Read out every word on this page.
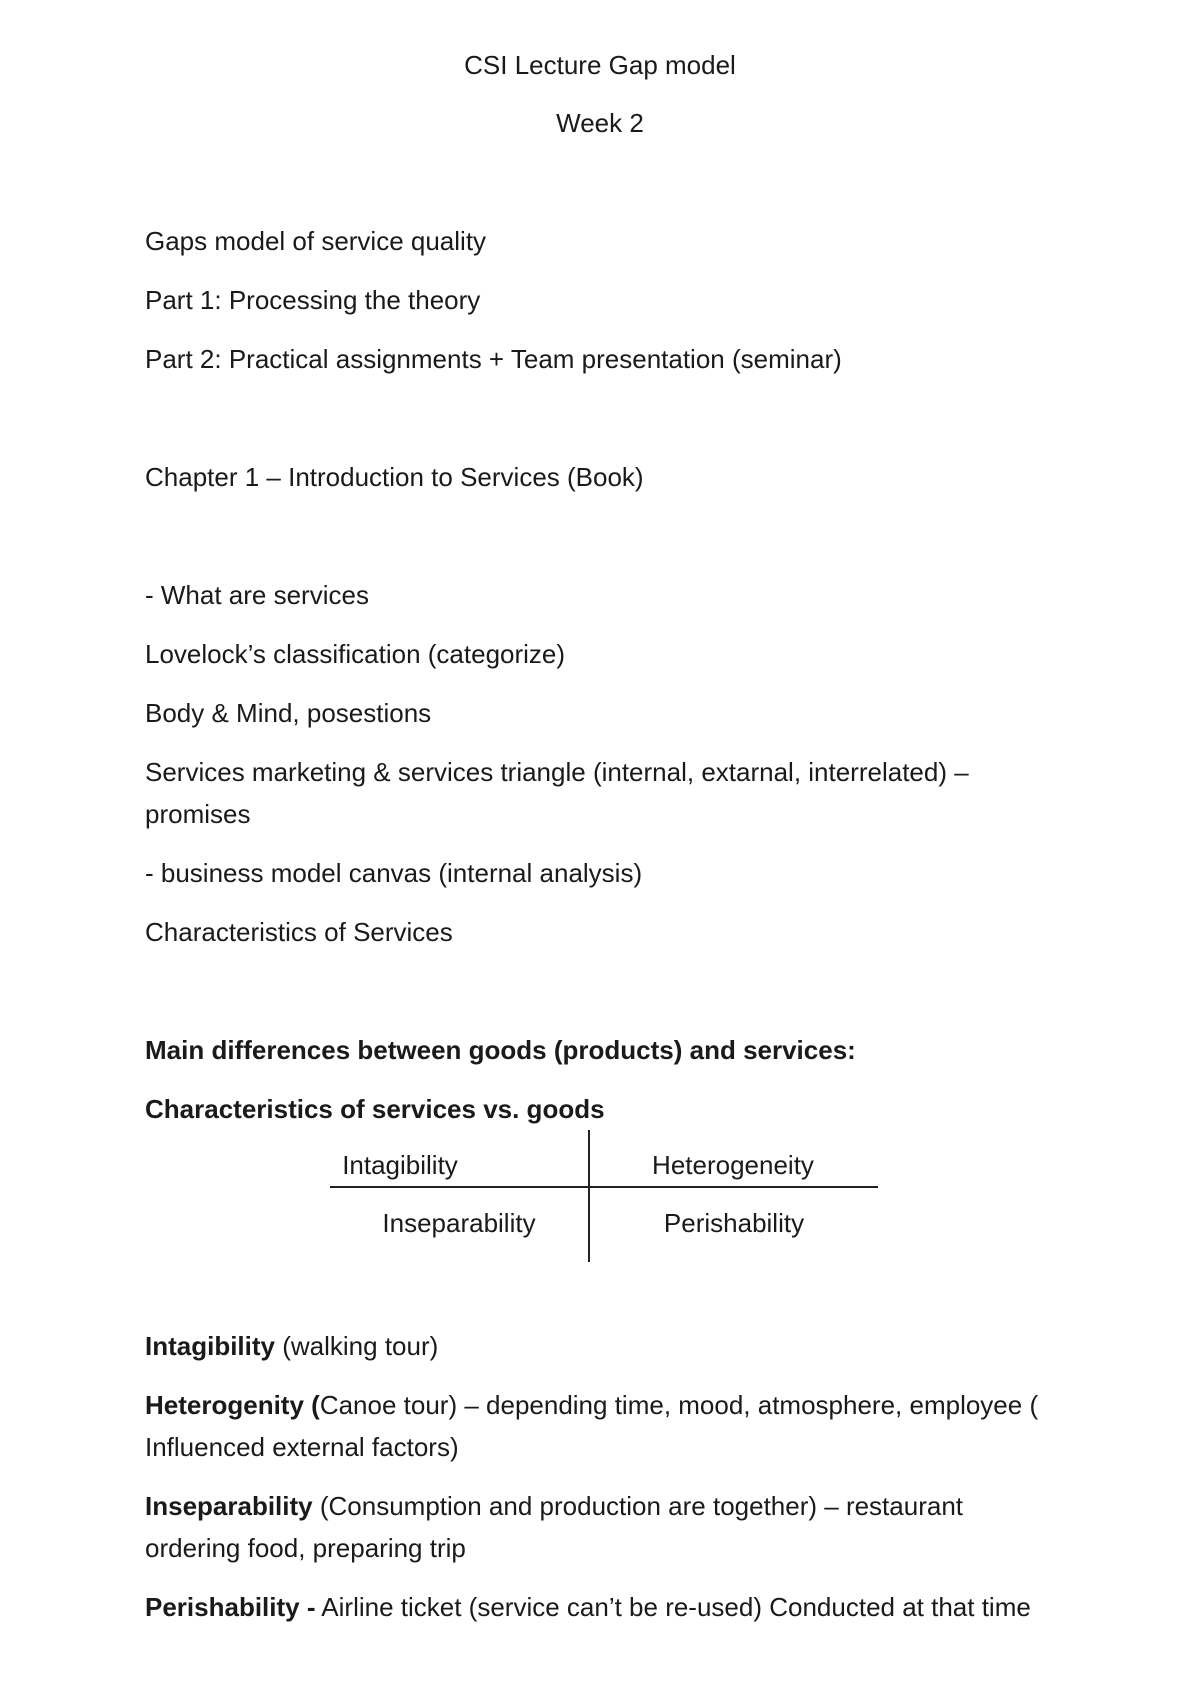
CSI Lecture Gap model
Week 2
Gaps model of service quality
Part 1: Processing the theory
Part 2: Practical assignments + Team presentation (seminar)
Chapter 1 – Introduction to Services (Book)
- What are services
Lovelock’s classification (categorize)
Body & Mind, posestions
Services marketing & services triangle (internal, extarnal, interrelated) – promises
- business model canvas (internal analysis)
Characteristics of Services
Main differences between goods (products) and services:
Characteristics of services vs. goods
Intagibility	Heterogeneity
Inseparability	Perishability
Intagibility (walking tour)
Heterogenity (Canoe tour) – depending time, mood, atmosphere, employee ( Influenced external factors)
Inseparability (Consumption and production are together) – restaurant ordering food, preparing trip
Perishability - Airline ticket (service can’t be re-used) Conducted at that time
